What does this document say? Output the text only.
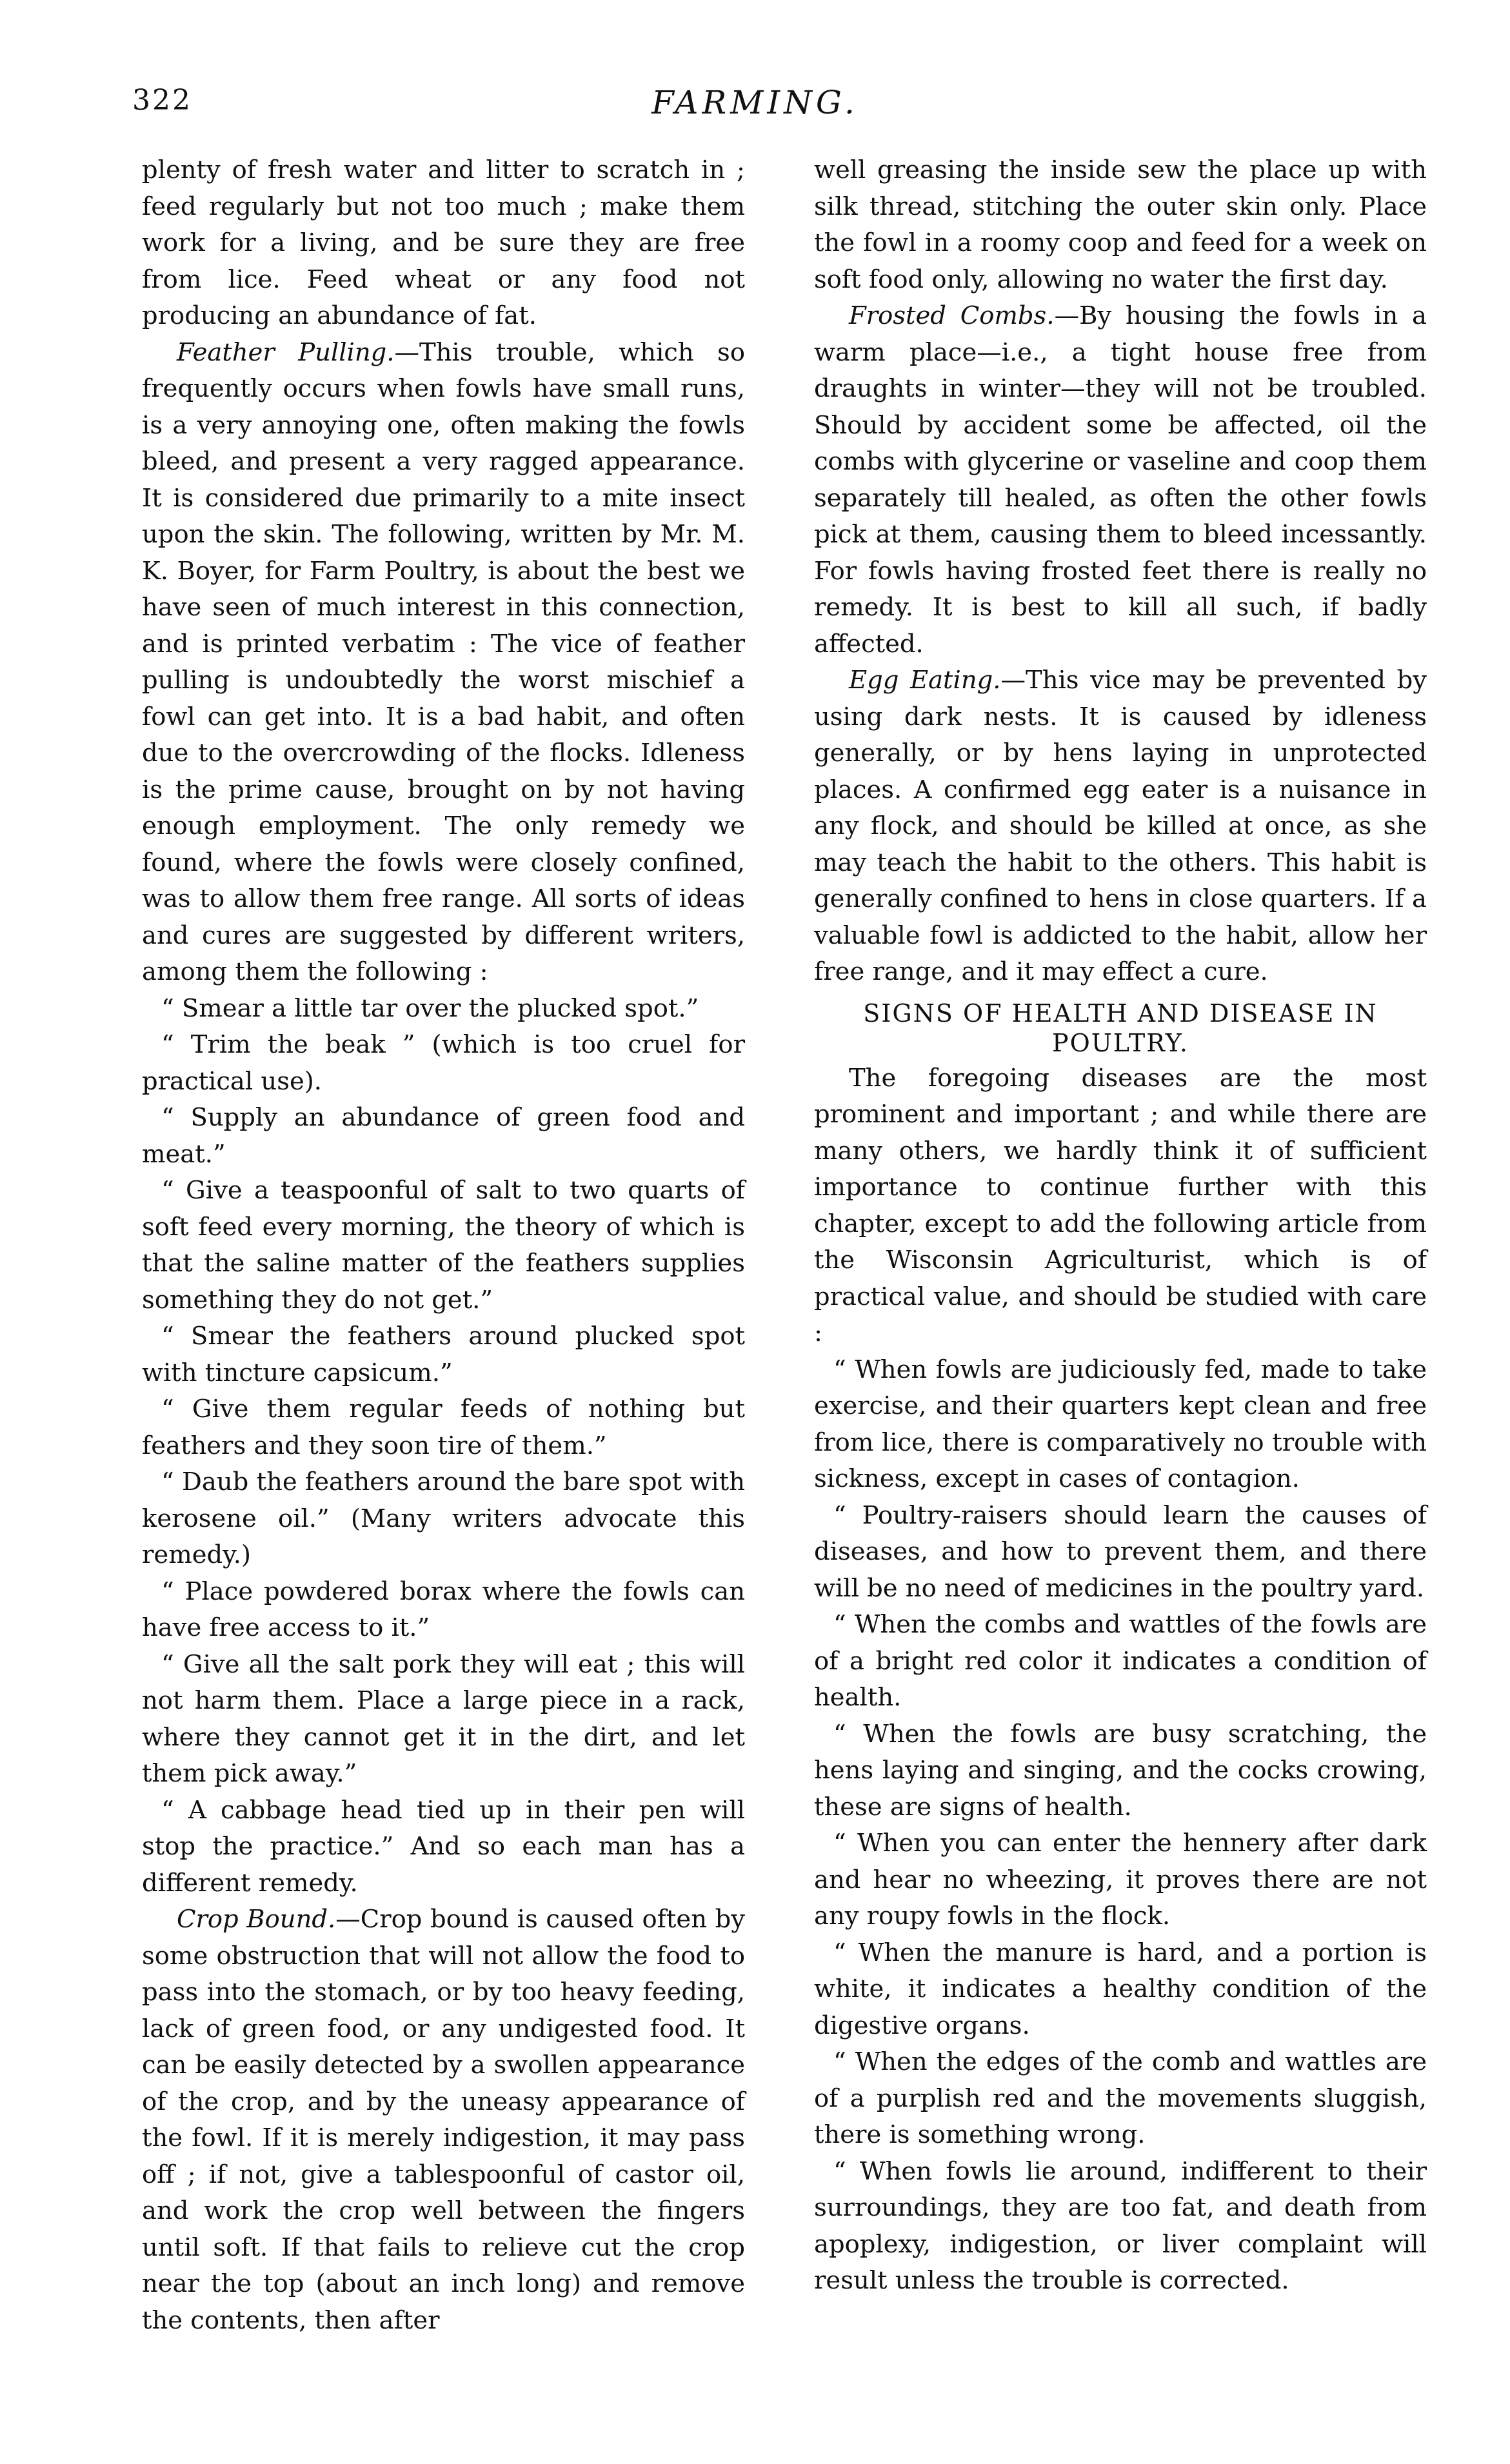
322	FARMING.

plenty of fresh water and litter to scratch in ; feed regularly but not too much ; make them work for a living, and be sure they are free from lice. Feed wheat or any food not producing an abundance of fat.

Feather Pulling.—This trouble, which so frequently occurs when fowls have small runs, is a very annoying one, often making the fowls bleed, and present a very ragged appearance. It is considered due primarily to a mite insect upon the skin. The following, written by Mr. M. K. Boyer, for Farm Poultry, is about the best we have seen of much interest in this connection, and is printed verbatim : The vice of feather pulling is undoubtedly the worst mischief a fowl can get into. It is a bad habit, and often due to the overcrowding of the flocks. Idleness is the prime cause, brought on by not having enough employment. The only remedy we found, where the fowls were closely confined, was to allow them free range. All sorts of ideas and cures are suggested by different writers, among them the following :

“ Smear a little tar over the plucked spot.”

“ Trim the beak ” (which is too cruel for practical use).

“ Supply an abundance of green food and meat.”

“ Give a teaspoonful of salt to two quarts of soft feed every morning, the theory of which is that the saline matter of the feathers supplies something they do not get.”

“ Smear the feathers around plucked spot with tincture capsicum.”

“ Give them regular feeds of nothing but feathers and they soon tire of them.”

“ Daub the feathers around the bare spot with kerosene oil.” (Many writers advocate this remedy.)

“ Place powdered borax where the fowls can have free access to it.”

“ Give all the salt pork they will eat ; this will not harm them. Place a large piece in a rack, where they cannot get it in the dirt, and let them pick away.”

“ A cabbage head tied up in their pen will stop the practice.” And so each man has a different remedy.

Crop Bound.—Crop bound is caused often by some obstruction that will not allow the food to pass into the stomach, or by too heavy feeding, lack of green food, or any undigested food. It can be easily detected by a swollen appearance of the crop, and by the uneasy appearance of the fowl. If it is merely indigestion, it may pass off ; if not, give a tablespoonful of castor oil, and work the crop well between the fingers until soft. If that fails to relieve cut the crop near the top (about an inch long) and remove the contents, then after

well greasing the inside sew the place up with silk thread, stitching the outer skin only. Place the fowl in a roomy coop and feed for a week on soft food only, allowing no water the first day.

Frosted Combs.—By housing the fowls in a warm place—i.e., a tight house free from draughts in winter—they will not be troubled. Should by accident some be affected, oil the combs with glycerine or vaseline and coop them separately till healed, as often the other fowls pick at them, causing them to bleed incessantly. For fowls having frosted feet there is really no remedy. It is best to kill all such, if badly affected.

Egg Eating.—This vice may be prevented by using dark nests. It is caused by idleness generally, or by hens laying in unprotected places. A confirmed egg eater is a nuisance in any flock, and should be killed at once, as she may teach the habit to the others. This habit is generally confined to hens in close quarters. If a valuable fowl is addicted to the habit, allow her free range, and it may effect a cure.

SIGNS OF HEALTH AND DISEASE IN
POULTRY.

The foregoing diseases are the most prominent and important ; and while there are many others, we hardly think it of sufficient importance to continue further with this chapter, except to add the following article from the Wisconsin Agriculturist, which is of practical value, and should be studied with care :

“ When fowls are judiciously fed, made to take exercise, and their quarters kept clean and free from lice, there is comparatively no trouble with sickness, except in cases of contagion.

“ Poultry-raisers should learn the causes of diseases, and how to prevent them, and there will be no need of medicines in the poultry yard.

“ When the combs and wattles of the fowls are of a bright red color it indicates a condition of health.

“ When the fowls are busy scratching, the hens laying and singing, and the cocks crowing, these are signs of health.

“ When you can enter the hennery after dark and hear no wheezing, it proves there are not any roupy fowls in the flock.

“ When the manure is hard, and a portion is white, it indicates a healthy condition of the digestive organs.

“ When the edges of the comb and wattles are of a purplish red and the movements sluggish, there is something wrong.

“ When fowls lie around, indifferent to their surroundings, they are too fat, and death from apoplexy, indigestion, or liver complaint will result unless the trouble is corrected.
